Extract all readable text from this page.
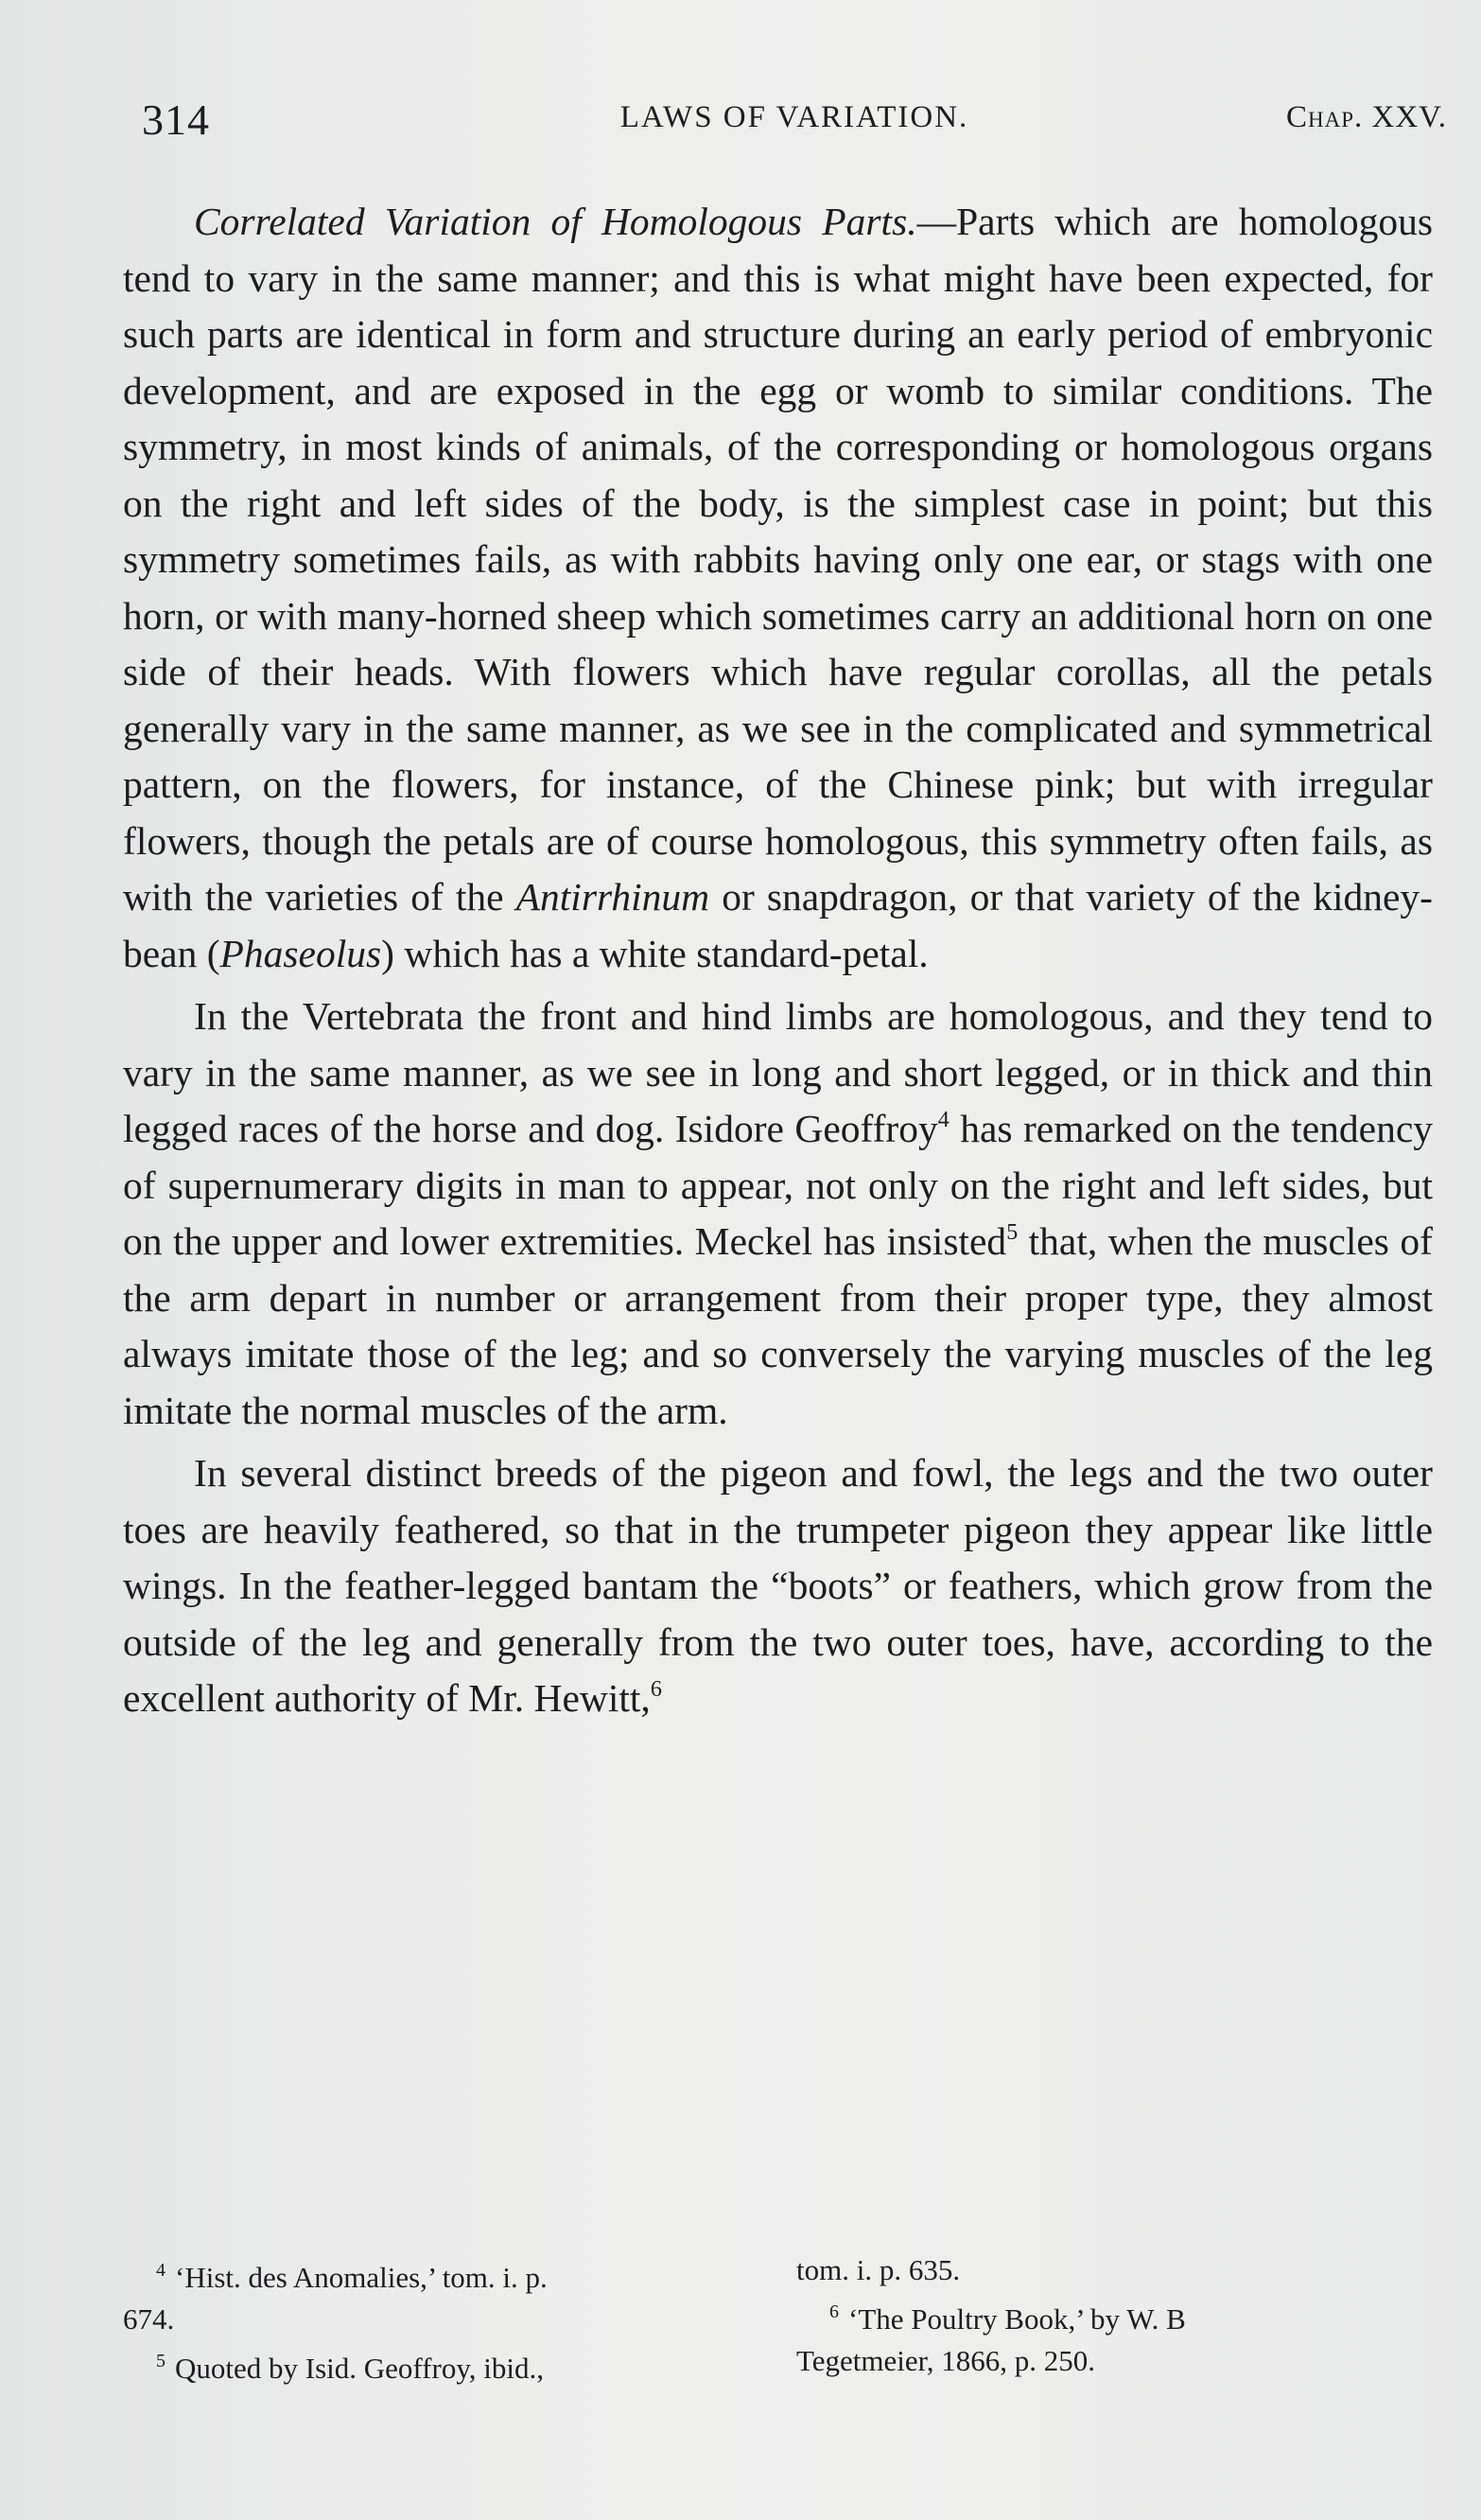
314	LAWS OF VARIATION.	Chap. XXV.

Correlated Variation of Homologous Parts.—Parts which are homologous tend to vary in the same manner; and this is what might have been expected, for such parts are identical in form and structure during an early period of embryonic development, and are exposed in the egg or womb to similar conditions. The symmetry, in most kinds of animals, of the corresponding or homologous organs on the right and left sides of the body, is the simplest case in point; but this symmetry sometimes fails, as with rabbits having only one ear, or stags with one horn, or with many-horned sheep which sometimes carry an additional horn on one side of their heads. With flowers which have regular corollas, all the petals generally vary in the same manner, as we see in the complicated and symmetrical pattern, on the flowers, for instance, of the Chinese pink; but with irregular flowers, though the petals are of course homologous, this symmetry often fails, as with the varieties of the Antirrhinum or snapdragon, or that variety of the kidney-bean (Phaseolus) which has a white standard-petal.

In the Vertebrata the front and hind limbs are homologous, and they tend to vary in the same manner, as we see in long and short legged, or in thick and thin legged races of the horse and dog. Isidore Geoffroy$^4$ has remarked on the tendency of supernumerary digits in man to appear, not only on the right and left sides, but on the upper and lower extremities. Meckel has insisted$^5$ that, when the muscles of the arm depart in number or arrangement from their proper type, they almost always imitate those of the leg; and so conversely the varying muscles of the leg imitate the normal muscles of the arm.

In several distinct breeds of the pigeon and fowl, the legs and the two outer toes are heavily feathered, so that in the trumpeter pigeon they appear like little wings. In the feather-legged bantam the “boots” or feathers, which grow from the outside of the leg and generally from the two outer toes, have, according to the excellent authority of Mr. Hewitt,$^6$

$^4$ ‘Hist. des Anomalies,’ tom. i. p.
674.
$^5$ Quoted by Isid. Geoffroy, ibid.,
tom. i. p. 635.
$^6$ ‘The Poultry Book,’ by W. B
Tegetmeier, 1866, p. 250.
